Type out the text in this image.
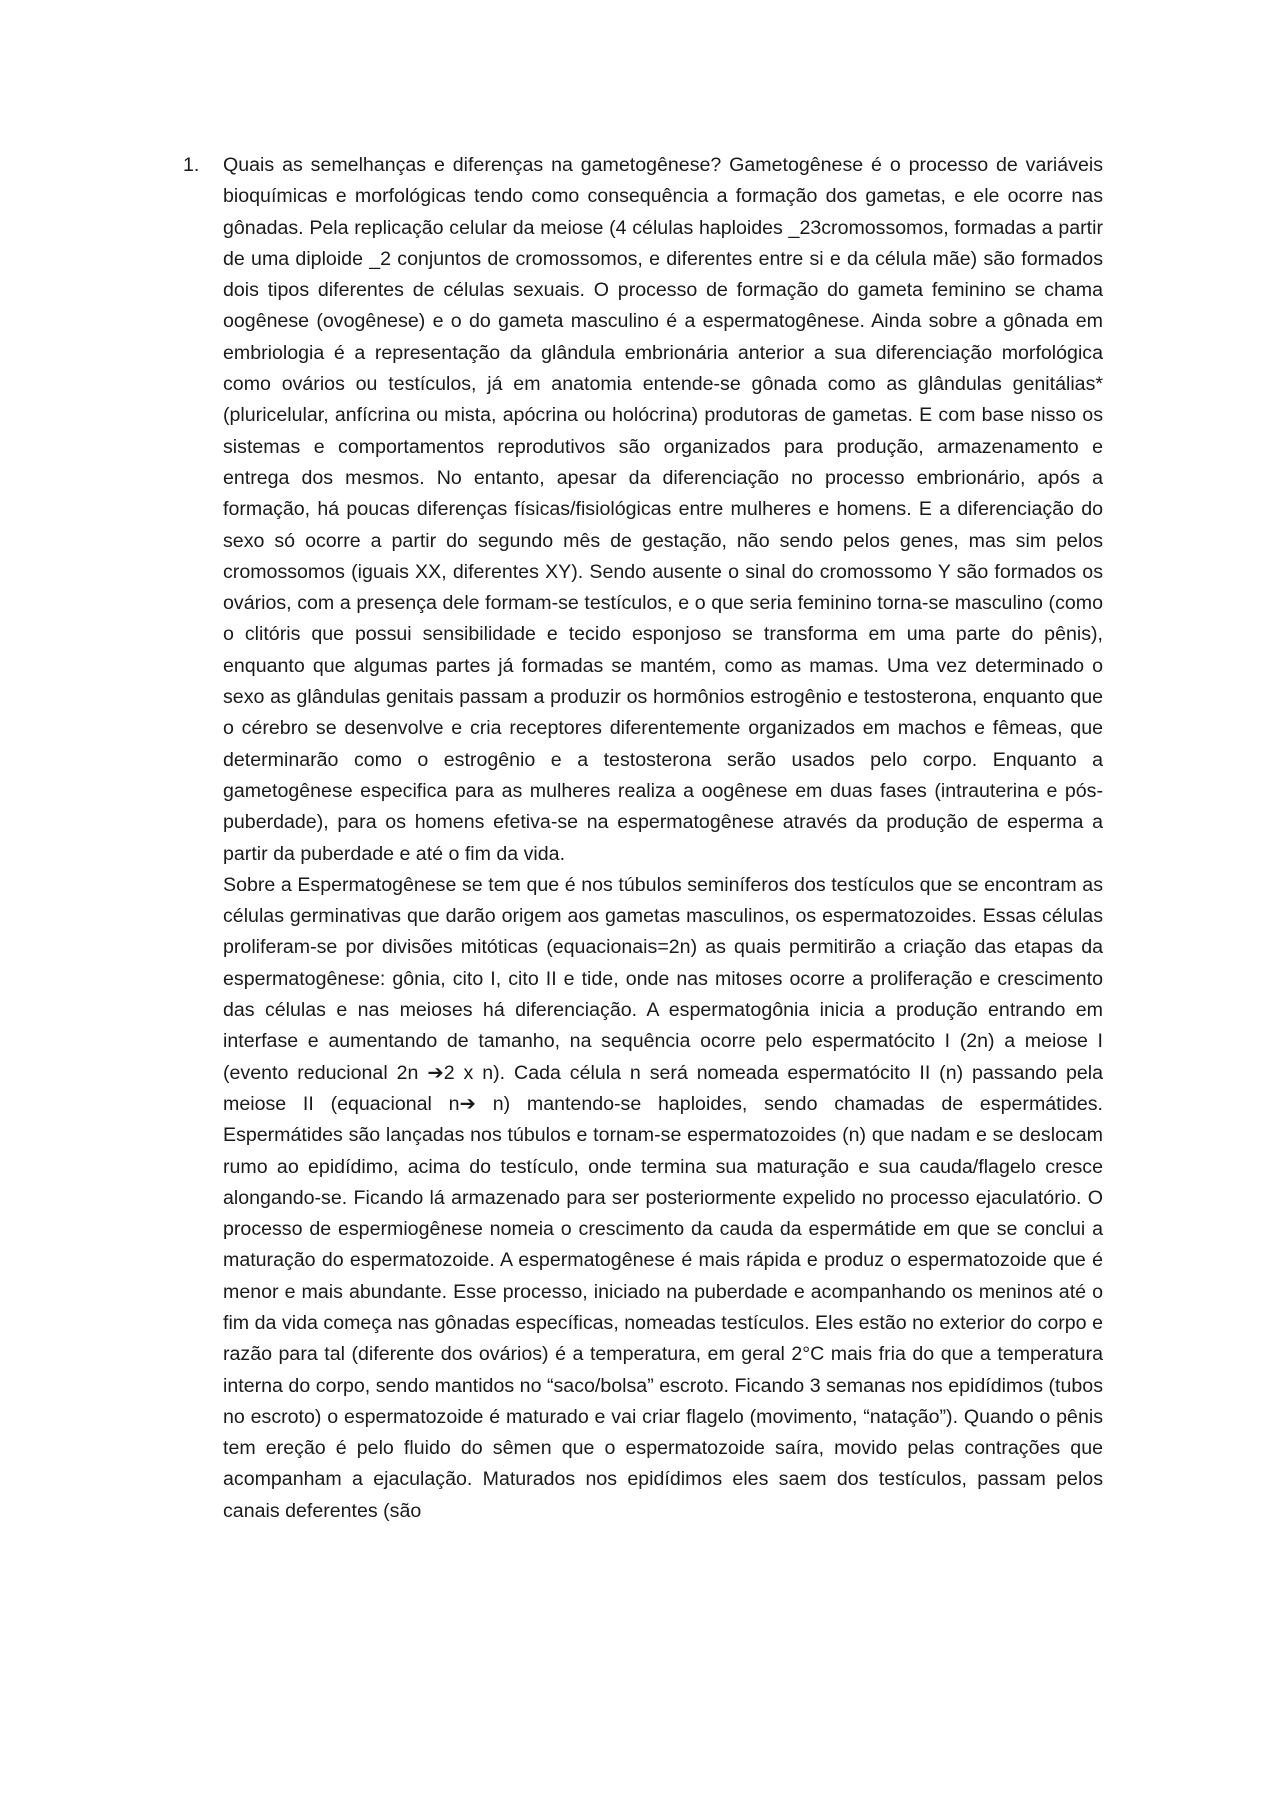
1.	Quais as semelhanças e diferenças na gametogênese? Gametogênese é o processo de variáveis bioquímicas e morfológicas tendo como consequência a formação dos gametas, e ele ocorre nas gônadas. Pela replicação celular da meiose (4 células haploides _23cromossomos, formadas a partir de uma diploide _2 conjuntos de cromossomos, e diferentes entre si e da célula mãe) são formados dois tipos diferentes de células sexuais. O processo de formação do gameta feminino se chama oogênese (ovogênese) e o do gameta masculino é a espermatogênese. Ainda sobre a gônada em embriologia é a representação da glândula embrionária anterior a sua diferenciação morfológica como ovários ou testículos, já em anatomia entende-se gônada como as glândulas genitálias* (pluricelular, anfícrina ou mista, apócrina ou holócrina) produtoras de gametas. E com base nisso os sistemas e comportamentos reprodutivos são organizados para produção, armazenamento e entrega dos mesmos. No entanto, apesar da diferenciação no processo embrionário, após a formação, há poucas diferenças físicas/fisiológicas entre mulheres e homens. E a diferenciação do sexo só ocorre a partir do segundo mês de gestação, não sendo pelos genes, mas sim pelos cromossomos (iguais XX, diferentes XY). Sendo ausente o sinal do cromossomo Y são formados os ovários, com a presença dele formam-se testículos, e o que seria feminino torna-se masculino (como o clitóris que possui sensibilidade e tecido esponjoso se transforma em uma parte do pênis), enquanto que algumas partes já formadas se mantém, como as mamas. Uma vez determinado o sexo as glândulas genitais passam a produzir os hormônios estrogênio e testosterona, enquanto que o cérebro se desenvolve e cria receptores diferentemente organizados em machos e fêmeas, que determinarão como o estrogênio e a testosterona serão usados pelo corpo. Enquanto a gametogênese especifica para as mulheres realiza a oogênese em duas fases (intrauterina e pós-puberdade), para os homens efetiva-se na espermatogênese através da produção de esperma a partir da puberdade e até o fim da vida.

Sobre a Espermatogênese se tem que é nos túbulos seminíferos dos testículos que se encontram as células germinativas que darão origem aos gametas masculinos, os espermatozoides. Essas células proliferam-se por divisões mitóticas (equacionais=2n) as quais permitirão a criação das etapas da espermatogênese: gônia, cito I, cito II e tide, onde nas mitoses ocorre a proliferação e crescimento das células e nas meioses há diferenciação. A espermatogônia inicia a produção entrando em interfase e aumentando de tamanho, na sequência ocorre pelo espermatócito I (2n) a meiose I (evento reducional 2n ➔2 x n). Cada célula n será nomeada espermatócito II (n) passando pela meiose II (equacional n➔ n) mantendo-se haploides, sendo chamadas de espermátides. Espermátides são lançadas nos túbulos e tornam-se espermatozoides (n) que nadam e se deslocam rumo ao epidídimo, acima do testículo, onde termina sua maturação e sua cauda/flagelo cresce alongando-se. Ficando lá armazenado para ser posteriormente expelido no processo ejaculatório. O processo de espermiogênese nomeia o crescimento da cauda da espermátide em que se conclui a maturação do espermatozoide. A espermatogênese é mais rápida e produz o espermatozoide que é menor e mais abundante. Esse processo, iniciado na puberdade e acompanhando os meninos até o fim da vida começa nas gônadas específicas, nomeadas testículos. Eles estão no exterior do corpo e razão para tal (diferente dos ovários) é a temperatura, em geral 2°C mais fria do que a temperatura interna do corpo, sendo mantidos no “saco/bolsa” escroto. Ficando 3 semanas nos epidídimos (tubos no escroto) o espermatozoide é maturado e vai criar flagelo (movimento, “natação”). Quando o pênis tem ereção é pelo fluido do sêmen que o espermatozoide saíra, movido pelas contrações que acompanham a ejaculação. Maturados nos epidídimos eles saem dos testículos, passam pelos canais deferentes (são
